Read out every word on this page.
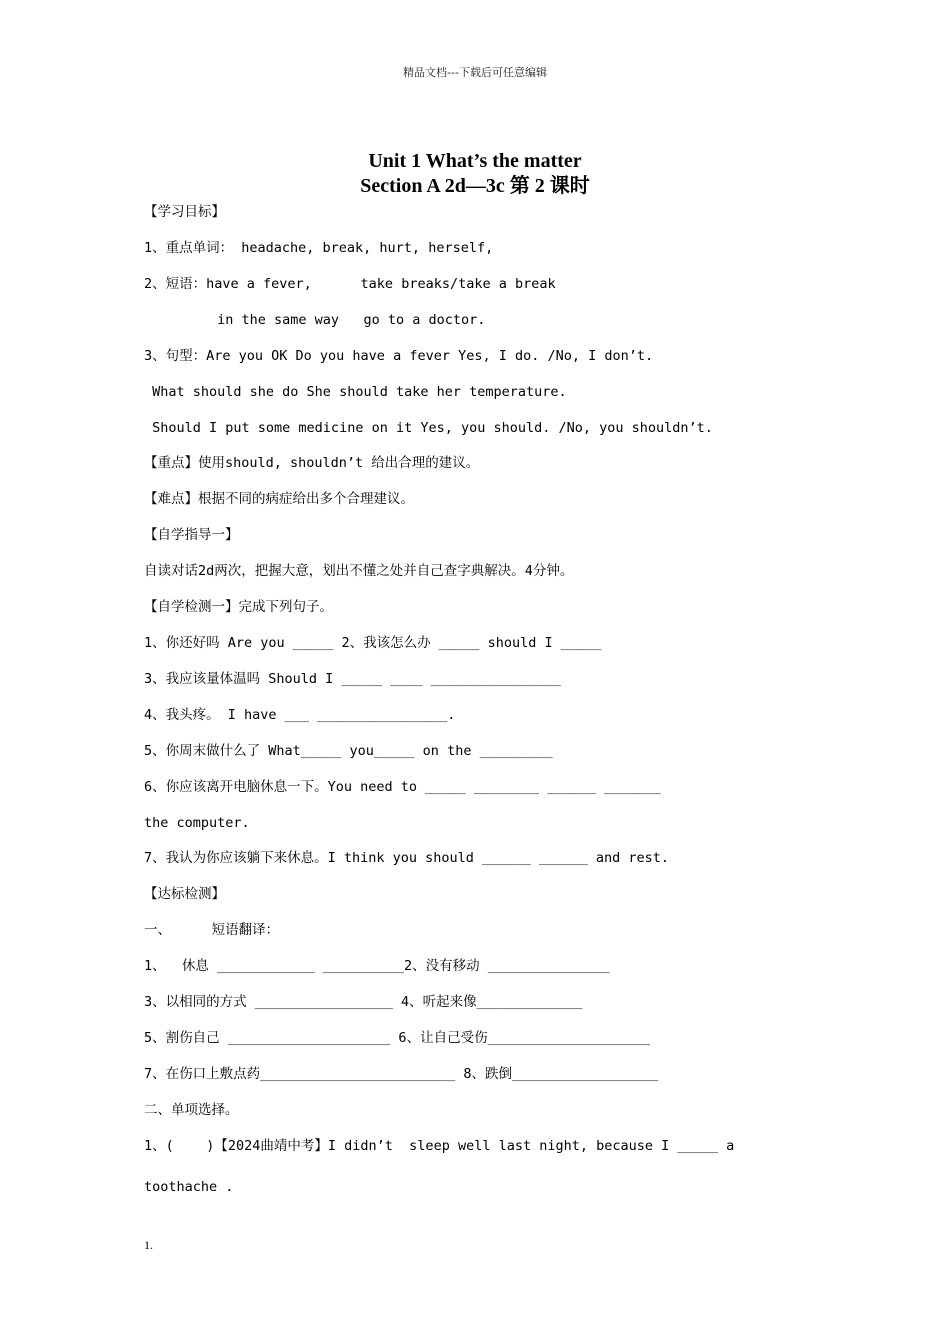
精品文档---下载后可任意编辑
Unit 1 What’s the matter
Section A 2d—3c 第 2 课时
【学习目标】
1、重点单词： headache, break, hurt, herself,
2、短语：have a fever,      take breaks/take a break
in the same way   go to a doctor.
3、句型：Are you OK Do you have a fever Yes, I do. /No, I don’t.
What should she do She should take her temperature.
Should I put some medicine on it Yes, you should. /No, you shouldn’t.
【重点】使用should, shouldn’t 给出合理的建议。
【难点】根据不同的病症给出多个合理建议。
【自学指导一】
自读对话2d两次，把握大意，划出不懂之处并自己查字典解决。4分钟。
【自学检测一】完成下列句子。
1、你还好吗 Are you _____ 2、我该怎么办 _____ should I _____
3、我应该量体温吗 Should I _____ ____ ________________
4、我头疼。 I have ___ ________________.
5、你周末做什么了 What_____ you_____ on the _________
6、你应该离开电脑休息一下。You need to _____ ________ ______ _______
the computer.
7、我认为你应该躺下来休息。I think you should ______ ______ and rest.
【达标检测】
一、     短语翻译：
1、  休息 ____________ __________2、没有移动 _______________
3、以相同的方式 _________________ 4、听起来像_____________
5、割伤自己 ____________________ 6、让自己受伤____________________
7、在伤口上敷点药________________________ 8、跌倒__________________
二、单项选择。
1、(    )【2024曲靖中考】I didn’t  sleep well last night, because I _____ a
toothache .
1.
